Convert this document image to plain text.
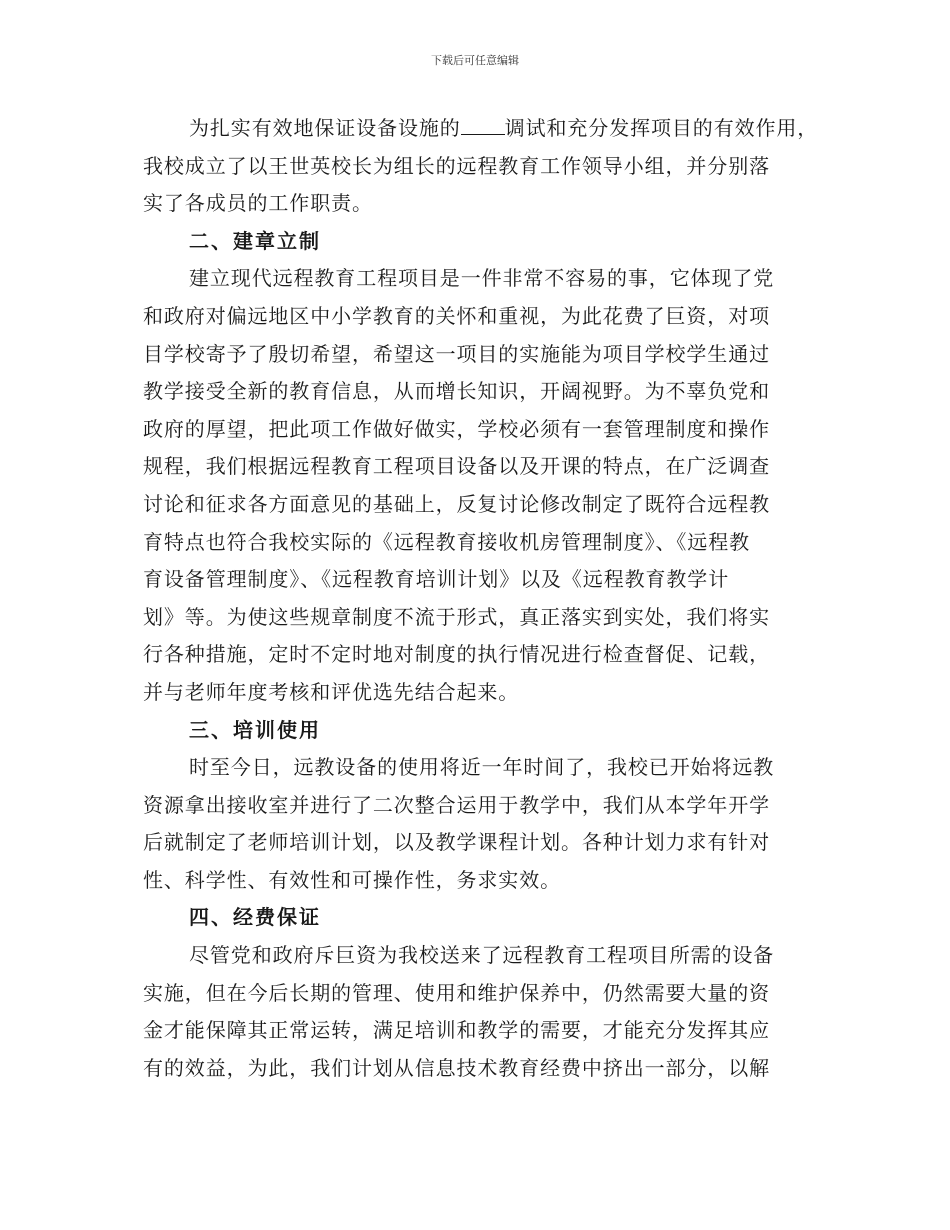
下载后可任意编辑
为扎实有效地保证设备设施的 调试和充分发挥项目的有效作用，
我校成立了以王世英校长为组长的远程教育工作领导小组，并分别落
实了各成员的工作职责。
二、建章立制
建立现代远程教育工程项目是一件非常不容易的事，它体现了党
和政府对偏远地区中小学教育的关怀和重视，为此花费了巨资，对项
目学校寄予了殷切希望，希望这一项目的实施能为项目学校学生通过
教学接受全新的教育信息，从而增长知识，开阔视野。为不辜负党和
政府的厚望，把此项工作做好做实，学校必须有一套管理制度和操作
规程，我们根据远程教育工程项目设备以及开课的特点，在广泛调查
讨论和征求各方面意见的基础上，反复讨论修改制定了既符合远程教
育特点也符合我校实际的《远程教育接收机房管理制度》、《远程教
育设备管理制度》、《远程教育培训计划》以及《远程教育教学计
划》等。为使这些规章制度不流于形式，真正落实到实处，我们将实
行各种措施，定时不定时地对制度的执行情况进行检查督促、记载，
并与老师年度考核和评优选先结合起来。
三、培训使用
时至今日，远教设备的使用将近一年时间了，我校已开始将远教
资源拿出接收室并进行了二次整合运用于教学中，我们从本学年开学
后就制定了老师培训计划，以及教学课程计划。各种计划力求有针对
性、科学性、有效性和可操作性，务求实效。
四、经费保证
尽管党和政府斥巨资为我校送来了远程教育工程项目所需的设备
实施，但在今后长期的管理、使用和维护保养中，仍然需要大量的资
金才能保障其正常运转，满足培训和教学的需要，才能充分发挥其应
有的效益，为此，我们计划从信息技术教育经费中挤出一部分，以解
